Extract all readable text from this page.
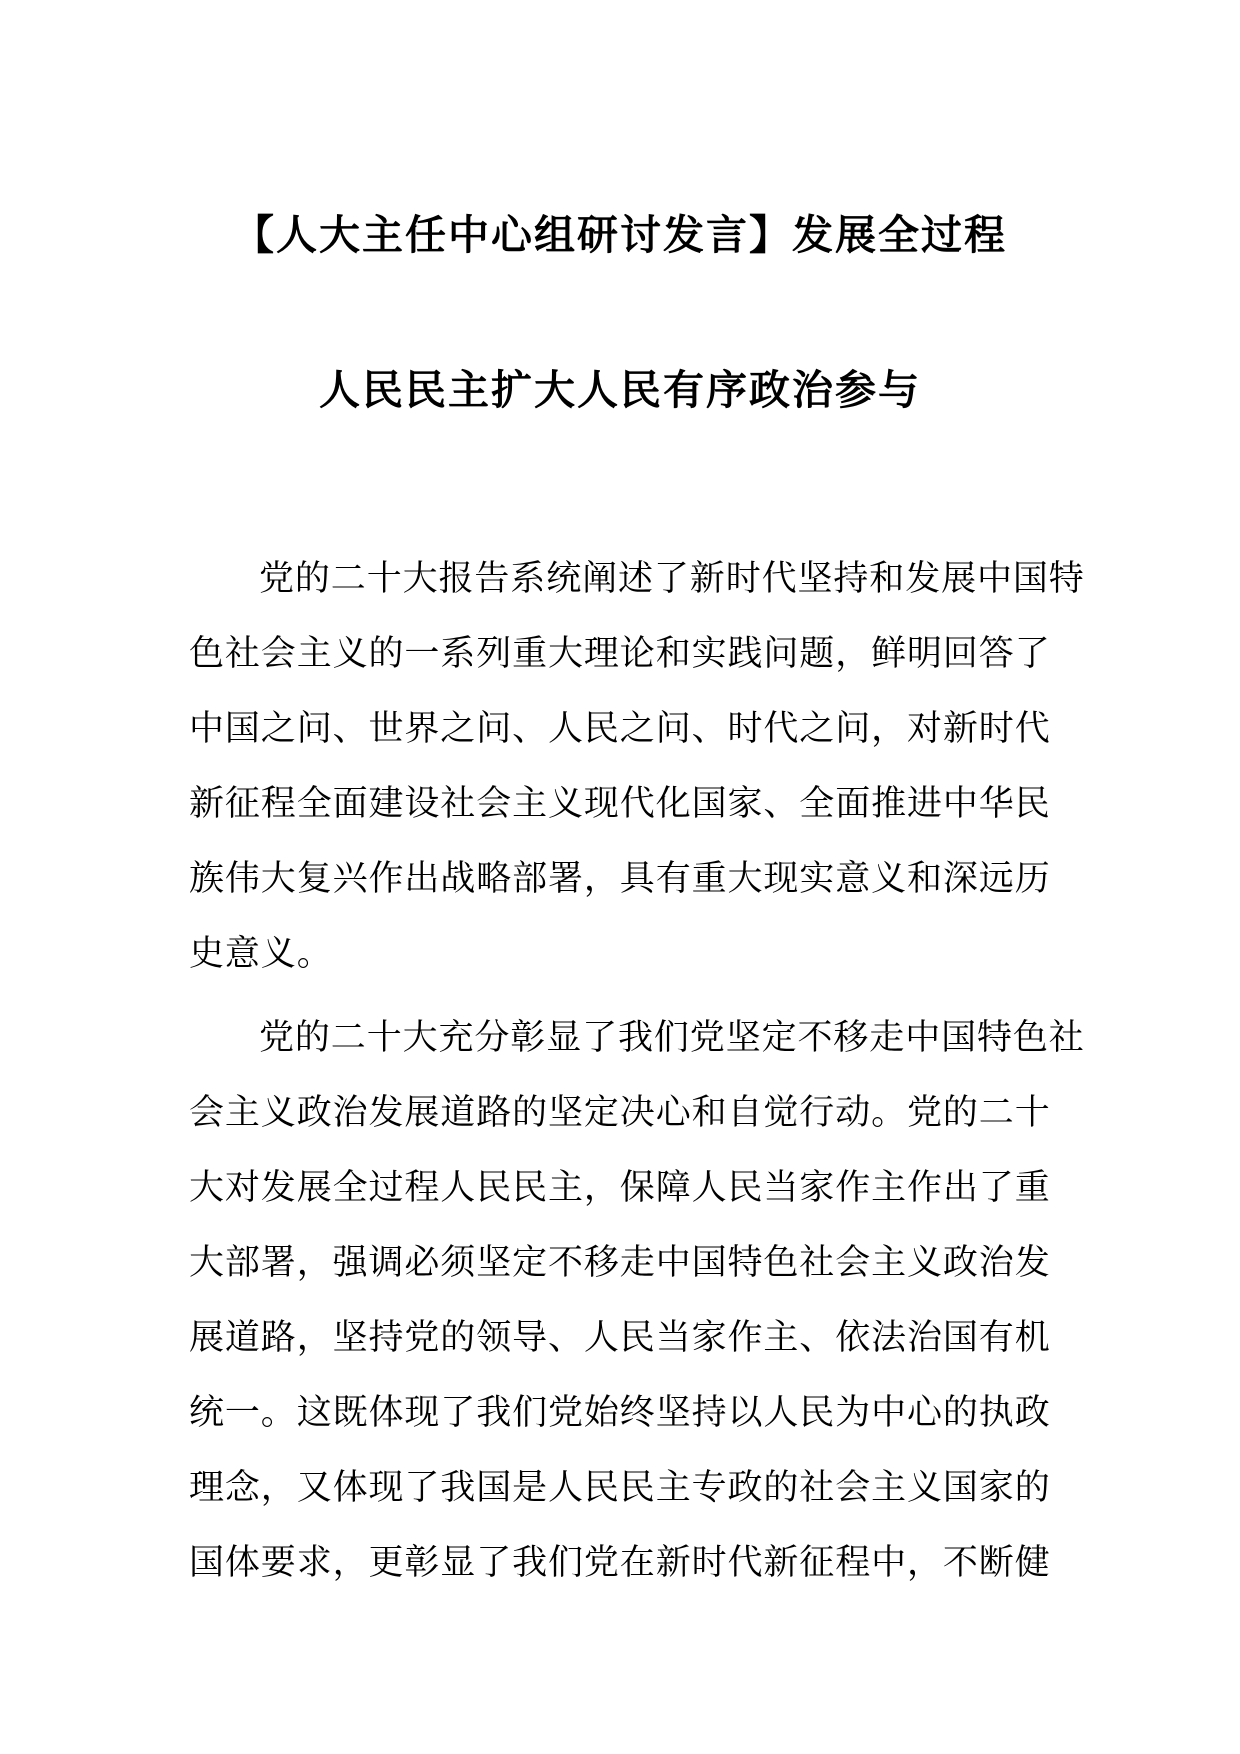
【人大主任中心组研讨发言】发展全过程
人民民主扩大人民有序政治参与

党的二十大报告系统阐述了新时代坚持和发展中国特
色社会主义的一系列重大理论和实践问题，鲜明回答了
中国之问、世界之问、人民之问、时代之问，对新时代
新征程全面建设社会主义现代化国家、全面推进中华民
族伟大复兴作出战略部署，具有重大现实意义和深远历
史意义。

党的二十大充分彰显了我们党坚定不移走中国特色社
会主义政治发展道路的坚定决心和自觉行动。党的二十
大对发展全过程人民民主，保障人民当家作主作出了重
大部署，强调必须坚定不移走中国特色社会主义政治发
展道路，坚持党的领导、人民当家作主、依法治国有机
统一。这既体现了我们党始终坚持以人民为中心的执政
理念，又体现了我国是人民民主专政的社会主义国家的
国体要求，更彰显了我们党在新时代新征程中，不断健
